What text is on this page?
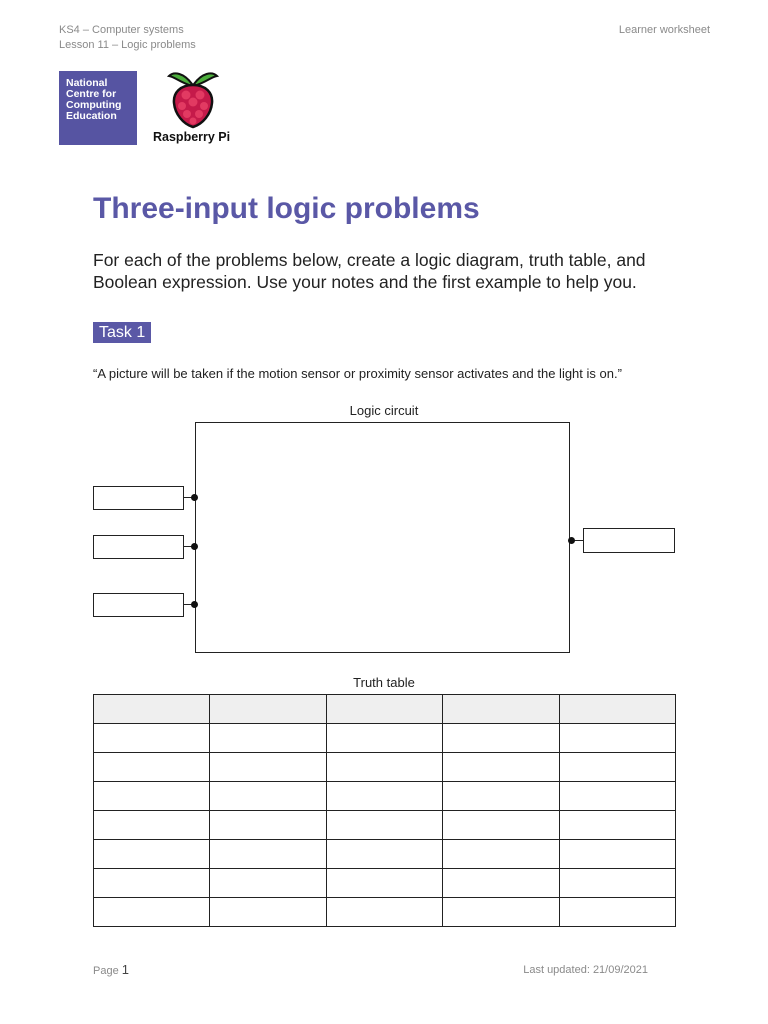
KS4 – Computer systems
Lesson 11 – Logic problems
Learner worksheet
National
Centre for
Computing
Education
Raspberry Pi
Three-input logic problems
For each of the problems below, create a logic diagram, truth table, and Boolean expression. Use your notes and the first example to help you.
Task 1
“A picture will be taken if the motion sensor or proximity sensor activates and the light is on.”
Logic circuit
Truth table

Page 1	Last updated: 21/09/2021
